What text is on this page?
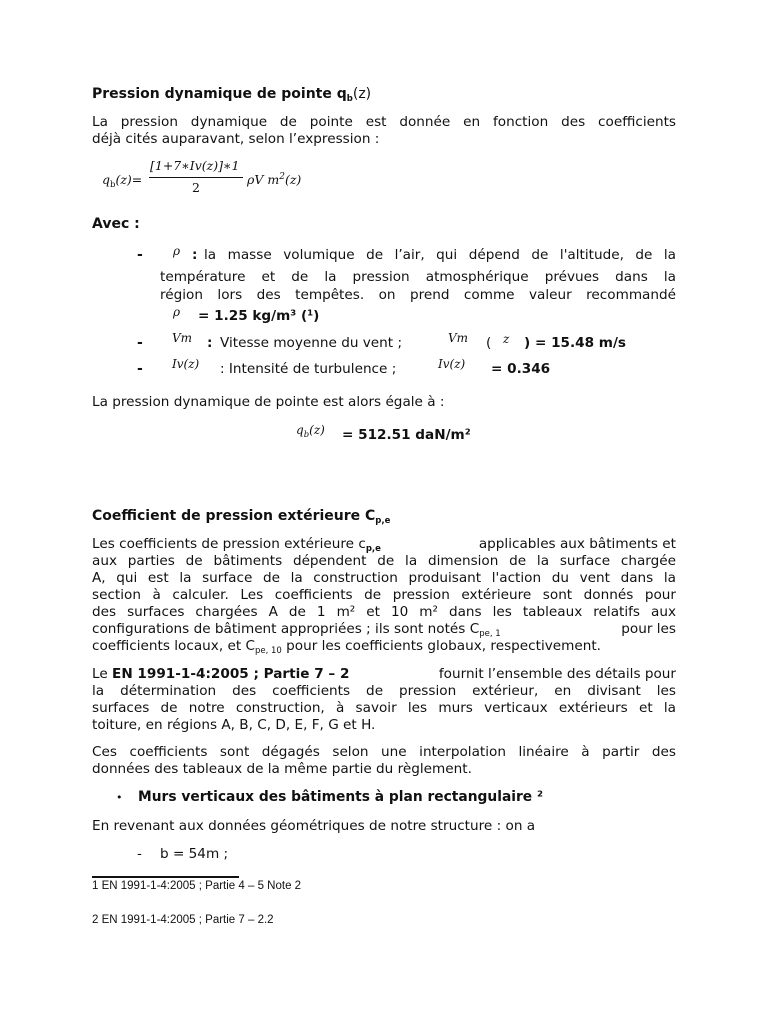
Pression dynamique de pointe $q_b(z)$
La pression dynamique de pointe est donnée en fonction des coefficients
déjà cités auparavant, selon l’expression :
$q_b(z)=$
[1+7∗Iv(z)]∗1
2
ρV $m^2(z)$
Avec :
-	ρ : la masse volumique de l’air, qui dépend de l'altitude, de la
température et de la pression atmosphérique prévues dans la
région lors des tempêtes. on prend comme valeur recommandé
ρ = 1.25 kg/m³ (¹)
- Vm : Vitesse moyenne du vent ;	Vm ( z ) = 15.48 m/s
- Iv(z) : Intensité de turbulence ;	Iv(z) = 0.346
La pression dynamique de pointe est alors égale à :
$q_b(z) = 512.51$ daN/m²
Coefficient de pression extérieure $C_{p,e}$
Les coefficients de pression extérieure $c_{p,e}$	applicables aux bâtiments et
aux parties de bâtiments dépendent de la dimension de la surface chargée
A, qui est la surface de la construction produisant l'action du vent dans la
section à calculer. Les coefficients de pression extérieure sont donnés pour
des surfaces chargées A de 1 m² et 10 m² dans les tableaux relatifs aux
configurations de bâtiment appropriées ; ils sont notés $C_{pe, 1}$	pour les
coefficients locaux, et $C_{pe, 10}$ pour les coefficients globaux, respectivement.
Le EN 1991-1-4:2005 ; Partie 7 – 2	fournit l’ensemble des détails pour
la détermination des coefficients de pression extérieur, en divisant les
surfaces de notre construction, à savoir les murs verticaux extérieurs et la
toiture, en régions A, B, C, D, E, F, G et H.
Ces coefficients sont dégagés selon une interpolation linéaire à partir des
données des tableaux de la même partie du règlement.
• Murs verticaux des bâtiments à plan rectangulaire ²
En revenant aux données géométriques de notre structure : on a
- b = 54m ;
1 EN 1991-1-4:2005 ; Partie 4 – 5 Note 2
2 EN 1991-1-4:2005 ; Partie 7 – 2.2
